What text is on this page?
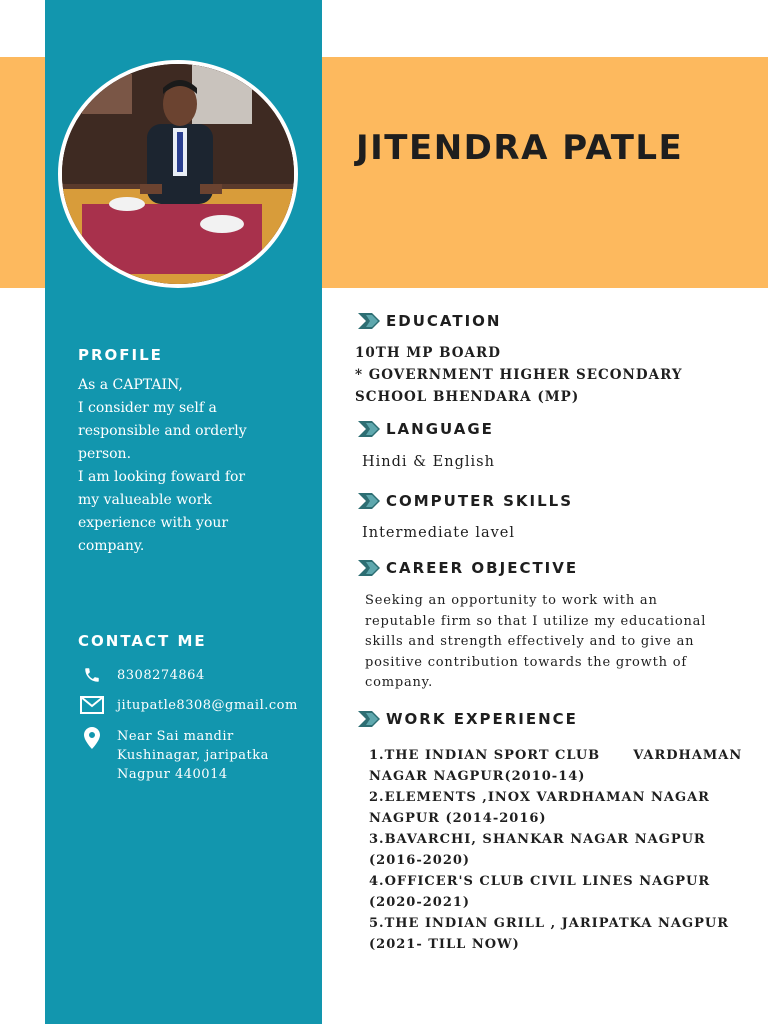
JITENDRA PATLE
PROFILE
As a CAPTAIN,
I consider my self a
responsible and orderly
person.
I am looking foward for
my valueable work
experience with your
company.
CONTACT ME
8308274864
jitupatle8308@gmail.com
Near Sai mandir
Kushinagar, jaripatka
Nagpur 440014
EDUCATION
10TH MP BOARD
* GOVERNMENT HIGHER SECONDARY
SCHOOL BHENDARA (MP)
LANGUAGE
Hindi & English
COMPUTER SKILLS
Intermediate lavel
CAREER OBJECTIVE
Seeking an opportunity to work with an
reputable firm so that I utilize my educational
skills and strength effectively and to give an
positive contribution towards the growth of
company.
WORK EXPERIENCE
1.THE INDIAN SPORT CLUB      VARDHAMAN
NAGAR NAGPUR(2010-14)
2.ELEMENTS ,INOX VARDHAMAN NAGAR
NAGPUR (2014-2016)
3.BAVARCHI, SHANKAR NAGAR NAGPUR
(2016-2020)
4.OFFICER'S CLUB CIVIL LINES NAGPUR
(2020-2021)
5.THE INDIAN GRILL , JARIPATKA NAGPUR
(2021- TILL NOW)
